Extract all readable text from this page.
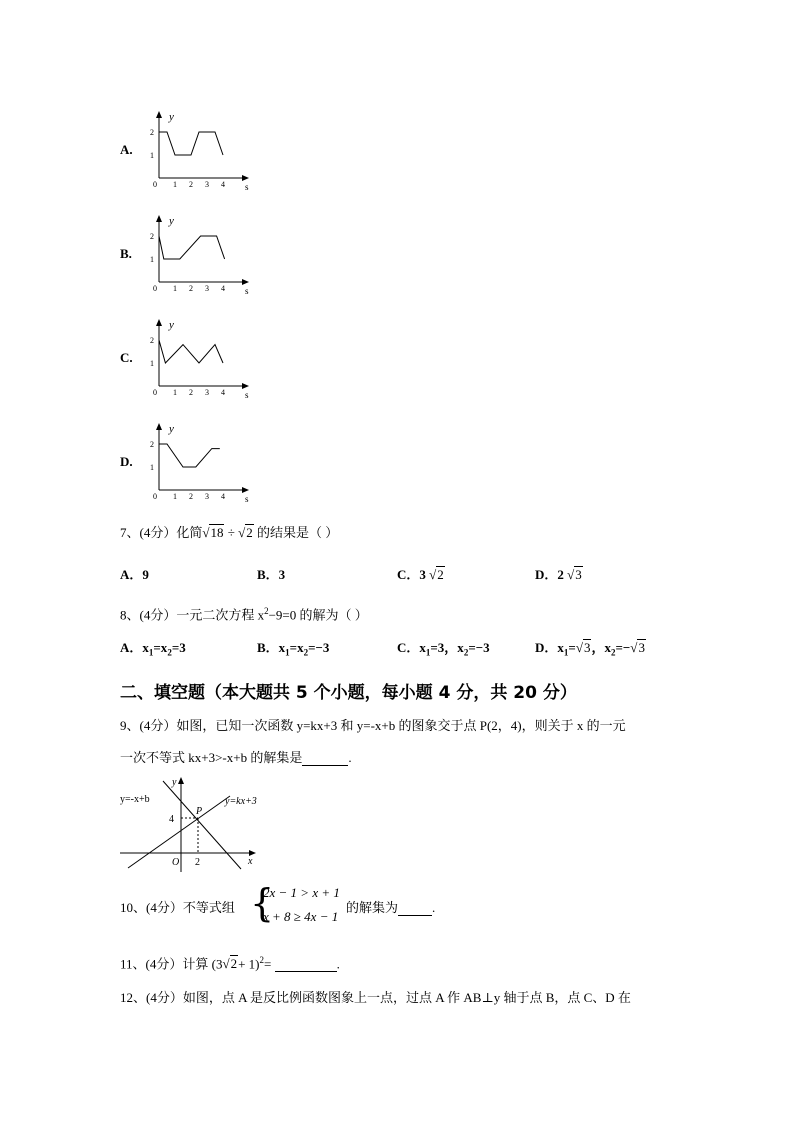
A.
y
s
2
1
0 1 2 3 4
B.
y
s
2
1
0 1 2 3 4
C.
y
s
2
1
0 1 2 3 4
D.
y
s
2
1
0 1 2 3 4
7、(4分）化简√18 ÷ √2 的结果是（ ）
A．9	B．3	C．3 √2	D．2 √3
8、(4分）一元二次方程 $x^2-9=0$ 的解为（ ）
A．$x_1=x_2=3$	B．$x_1=x_2=-3$	C．$x_1=3$，$x_2=-3$	D．$x_1=√3$，$x_2=-√3$
二、填空题（本大题共 5 个小题，每小题 4 分，共 20 分）
9、(4分）如图，已知一次函数 y=kx+3 和 y=-x+b 的图象交于点 P(2，4)，则关于 x 的一元
一次不等式 kx+3>-x+b 的解集是	.
y=-x+b	y=kx+3
y
x
O
P
4
2
10、(4分）不等式组 {
2x − 1 > x + 1
x + 8 ≥ 4x − 1
的解集为	.
11、(4分）计算 $(3√2+ 1)^2=$	.
12、(4分）如图，点 A 是反比例函数图象上一点，过点 A 作 AB⊥y 轴于点 B，点 C、D 在
